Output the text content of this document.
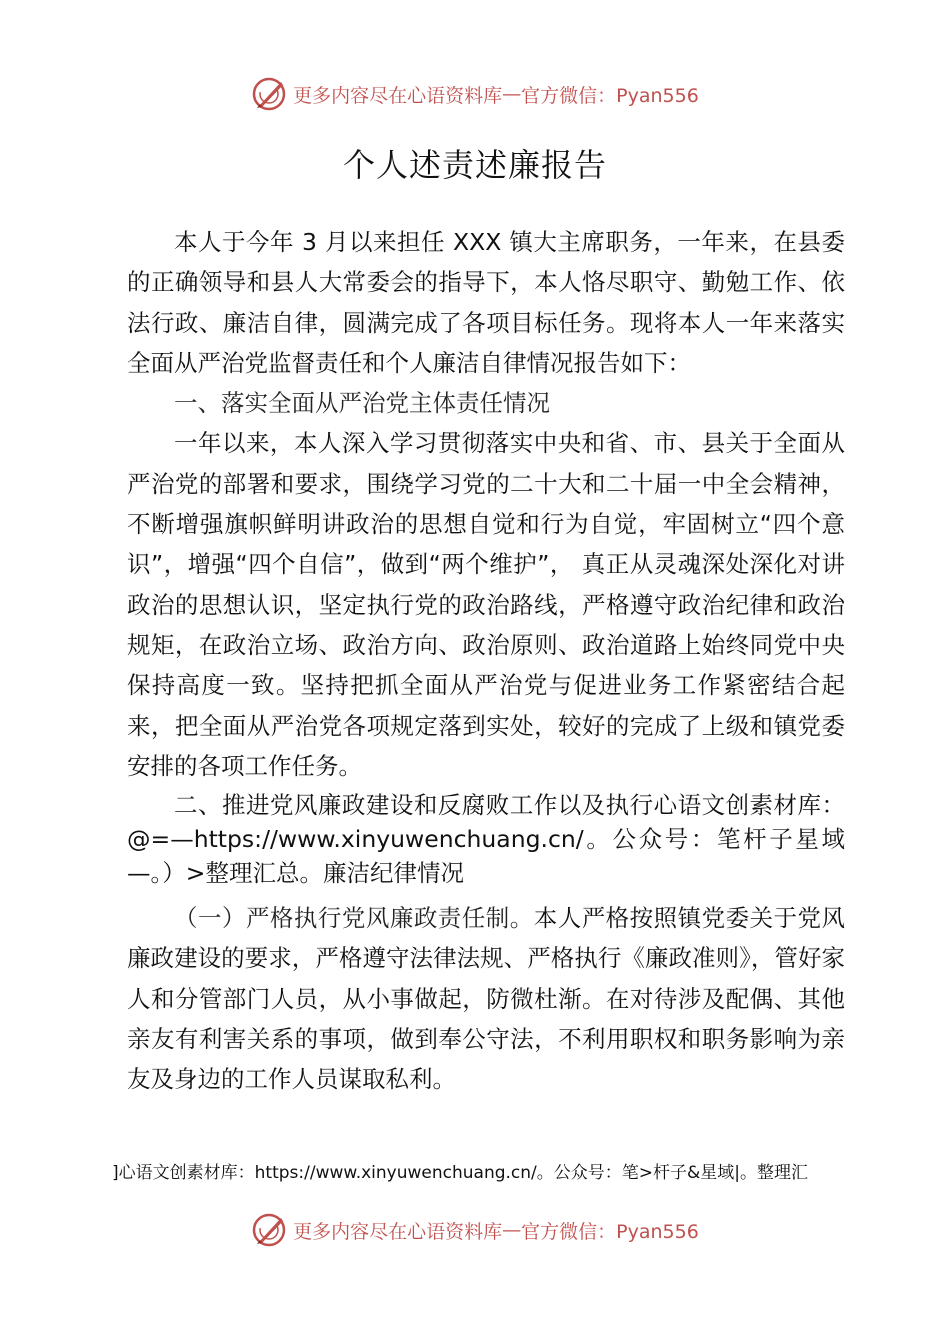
更多内容尽在心语资料库 — 官方微信：Pyan556
个人述责述廉报告

本人于今年 3 月以来担任 XXX 镇大主席职务，一年来，在县委的正确领导和县人大常委会的指导下，本人恪尽职守、勤勉工作、依法行政、廉洁自律，圆满完成了各项目标任务。现将本人一年来落实全面从严治党监督责任和个人廉洁自律情况报告如下：

一、落实全面从严治党主体责任情况

一年以来，本人深入学习贯彻落实中央和省、市、县关于全面从严治党的部署和要求，围绕学习党的二十大和二十届一中全会精神，不断增强旗帜鲜明讲政治的思想自觉和行为自觉，牢固树立“四个意识”，增强“四个自信”，做到“两个维护”， 真正从灵魂深处深化对讲政治的思想认识，坚定执行党的政治路线，严格遵守政治纪律和政治规矩，在政治立场、政治方向、政治原则、政治道路上始终同党中央保持高度一致。坚持把抓全面从严治党与促进业务工作紧密结合起来，把全面从严治党各项规定落到实处，较好的完成了上级和镇党委安排的各项工作任务。

二、推进党风廉政建设和反腐败工作以及执行心语文创素材库：@=—https://www.xinyuwenchuang.cn/。公众号：笔杆子星域—。）>整理汇总。廉洁纪律情况

（一）严格执行党风廉政责任制。本人严格按照镇党委关于党风廉政建设的要求，严格遵守法律法规、严格执行《廉政准则》，管好家人和分管部门人员，从小事做起，防微杜渐。在对待涉及配偶、其他亲友有利害关系的事项，做到奉公守法，不利用职权和职务影响为亲友及身边的工作人员谋取私利。

]心语文创素材库：https://www.xinyuwenchuang.cn/。公众号：笔>杆子&星域|。整理汇
更多内容尽在心语资料库 — 官方微信：Pyan556
